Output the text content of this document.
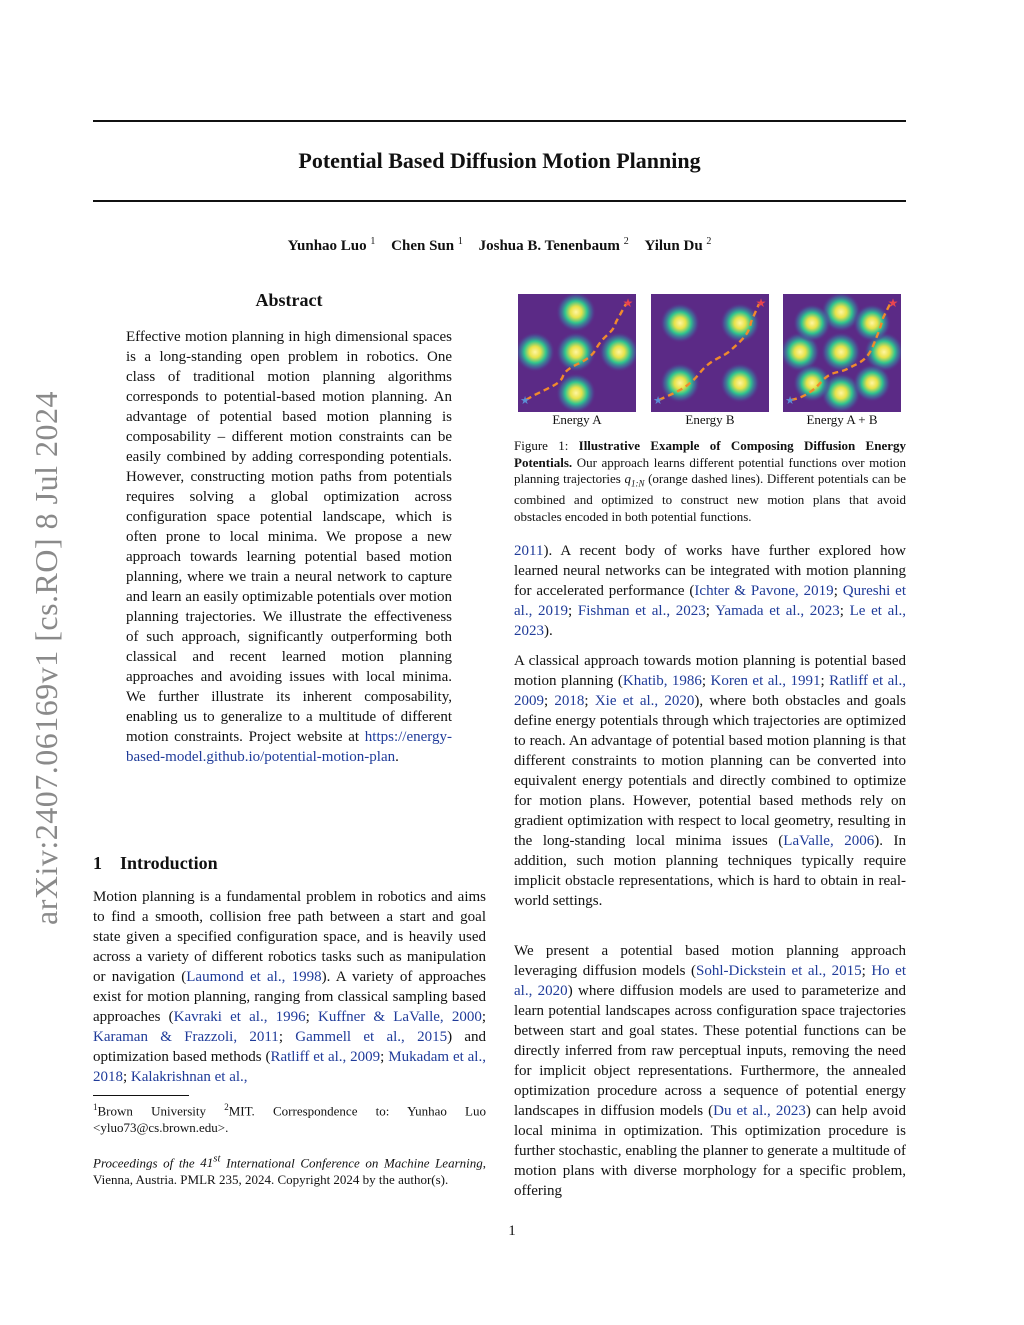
arXiv:2407.06169v1 [cs.RO] 8 Jul 2024
Potential Based Diffusion Motion Planning
Yunhao Luo $^1$ Chen Sun $^1$ Joshua B. Tenenbaum $^2$ Yilun Du $^2$
Abstract
Effective motion planning in high dimensional spaces is a long-standing open problem in robotics. One class of traditional motion planning algorithms corresponds to potential-based motion planning. An advantage of potential based motion planning is composability – different motion constraints can be easily combined by adding corresponding potentials. However, constructing motion paths from potentials requires solving a global optimization across configuration space potential landscape, which is often prone to local minima. We propose a new approach towards learning potential based motion planning, where we train a neural network to capture and learn an easily optimizable potentials over motion planning trajectories. We illustrate the effectiveness of such approach, significantly outperforming both classical and recent learned motion planning approaches and avoiding issues with local minima. We further illustrate its inherent composability, enabling us to generalize to a multitude of different motion constraints. Project website at https://energy-based-model.github.io/potential-motion-plan.
1 Introduction
Motion planning is a fundamental problem in robotics and aims to find a smooth, collision free path between a start and goal state given a specified configuration space, and is heavily used across a variety of different robotics tasks such as manipulation or navigation (Laumond et al., 1998). A variety of approaches exist for motion planning, ranging from classical sampling based approaches (Kavraki et al., 1996; Kuffner & LaValle, 2000; Karaman & Frazzoli, 2011; Gammell et al., 2015) and optimization based methods (Ratliff et al., 2009; Mukadam et al., 2018; Kalakrishnan et al.,
$^1$Brown University $^2$MIT. Correspondence to: Yunhao Luo <yluo73@cs.brown.edu>.
Proceedings of the 41st International Conference on Machine Learning, Vienna, Austria. PMLR 235, 2024. Copyright 2024 by the author(s).
★
★
Energy A
★
★
Energy B
★
★
Energy A + B
Figure 1: Illustrative Example of Composing Diffusion Energy Potentials. Our approach learns different potential functions over motion planning trajectories $q_{1:N}$ (orange dashed lines). Different potentials can be combined and optimized to construct new motion plans that avoid obstacles encoded in both potential functions.
2011). A recent body of works have further explored how learned neural networks can be integrated with motion planning for accelerated performance (Ichter & Pavone, 2019; Qureshi et al., 2019; Fishman et al., 2023; Yamada et al., 2023; Le et al., 2023).
A classical approach towards motion planning is potential based motion planning (Khatib, 1986; Koren et al., 1991; Ratliff et al., 2009; 2018; Xie et al., 2020), where both obstacles and goals define energy potentials through which trajectories are optimized to reach. An advantage of potential based motion planning is that different constraints to motion planning can be converted into equivalent energy potentials and directly combined to optimize for motion plans. However, potential based methods rely on gradient optimization with respect to local geometry, resulting in the long-standing local minima issues (LaValle, 2006). In addition, such motion planning techniques typically require implicit obstacle representations, which is hard to obtain in real-world settings.
We present a potential based motion planning approach leveraging diffusion models (Sohl-Dickstein et al., 2015; Ho et al., 2020) where diffusion models are used to parameterize and learn potential landscapes across configuration space trajectories between start and goal states. These potential functions can be directly inferred from raw perceptual inputs, removing the need for implicit object representations. Furthermore, the annealed optimization procedure across a sequence of potential energy landscapes in diffusion models (Du et al., 2023) can help avoid local minima in optimization. This optimization procedure is further stochastic, enabling the planner to generate a multitude of motion plans with diverse morphology for a specific problem, offering
1
